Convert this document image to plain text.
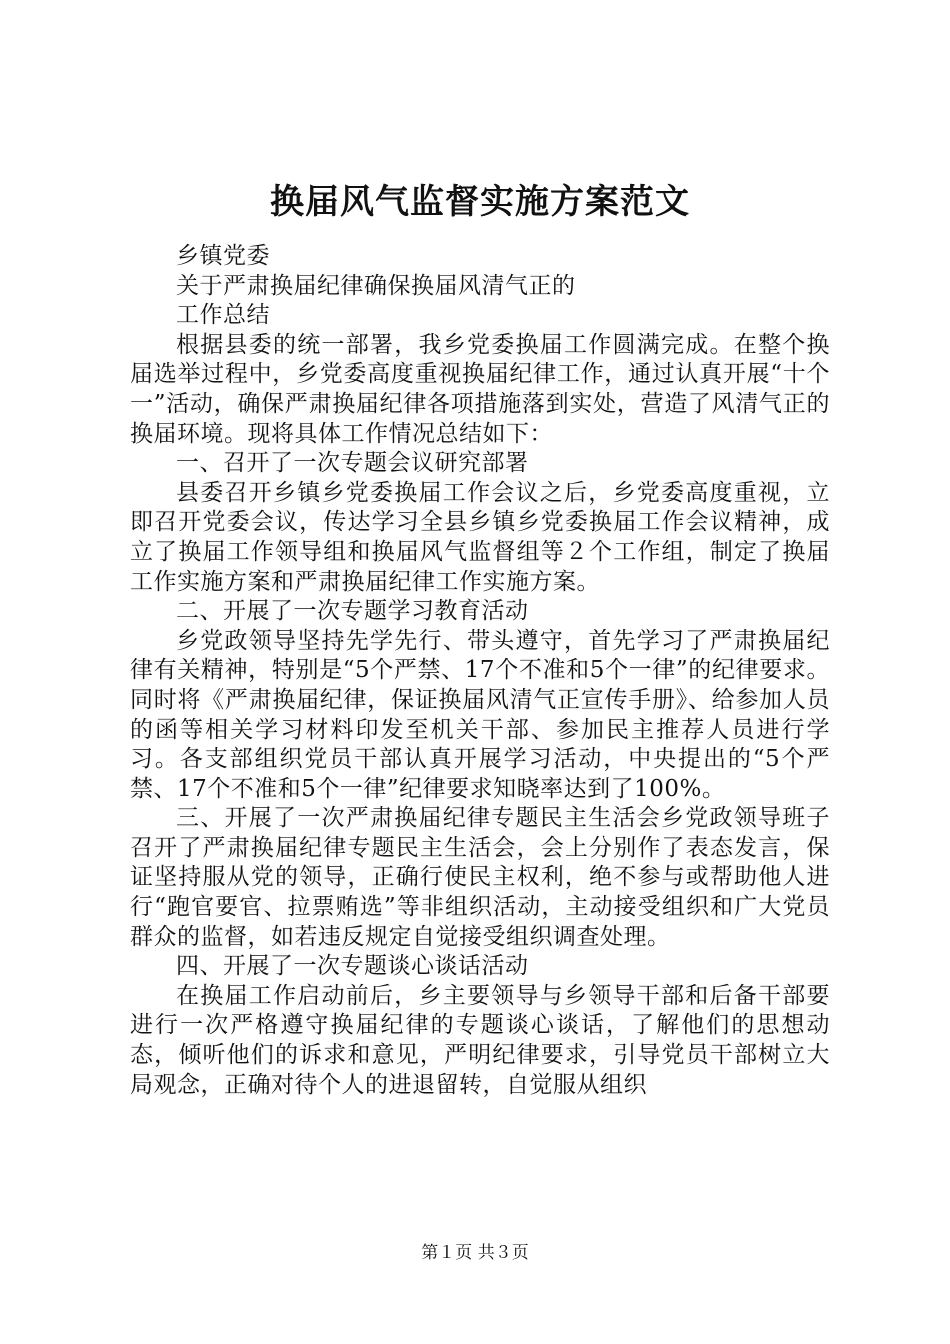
换届风气监督实施方案范文

乡镇党委

关于严肃换届纪律确保换届风清气正的

工作总结

根据县委的统一部署，我乡党委换届工作圆满完成。在整个换届选举过程中，乡党委高度重视换届纪律工作，通过认真开展“十个一”活动，确保严肃换届纪律各项措施落到实处，营造了风清气正的换届环境。现将具体工作情况总结如下：

一、召开了一次专题会议研究部署

县委召开乡镇乡党委换届工作会议之后，乡党委高度重视，立即召开党委会议，传达学习全县乡镇乡党委换届工作会议精神，成立了换届工作领导组和换届风气监督组等２个工作组，制定了换届工作实施方案和严肃换届纪律工作实施方案。

二、开展了一次专题学习教育活动

乡党政领导坚持先学先行、带头遵守，首先学习了严肃换届纪律有关精神，特别是“5个严禁、17个不准和5个一律”的纪律要求。同时将《严肃换届纪律，保证换届风清气正宣传手册》、给参加人员的函等相关学习材料印发至机关干部、参加民主推荐人员进行学习。各支部组织党员干部认真开展学习活动，中央提出的“5个严禁、17个不准和5个一律”纪律要求知晓率达到了100%。

三、开展了一次严肃换届纪律专题民主生活会乡党政领导班子召开了严肃换届纪律专题民主生活会，会上分别作了表态发言，保证坚持服从党的领导，正确行使民主权利，绝不参与或帮助他人进行“跑官要官、拉票贿选”等非组织活动，主动接受组织和广大党员群众的监督，如若违反规定自觉接受组织调查处理。

四、开展了一次专题谈心谈话活动

在换届工作启动前后，乡主要领导与乡领导干部和后备干部要进行一次严格遵守换届纪律的专题谈心谈话，了解他们的思想动态，倾听他们的诉求和意见，严明纪律要求，引导党员干部树立大局观念，正确对待个人的进退留转，自觉服从组织

第１页 共３页
